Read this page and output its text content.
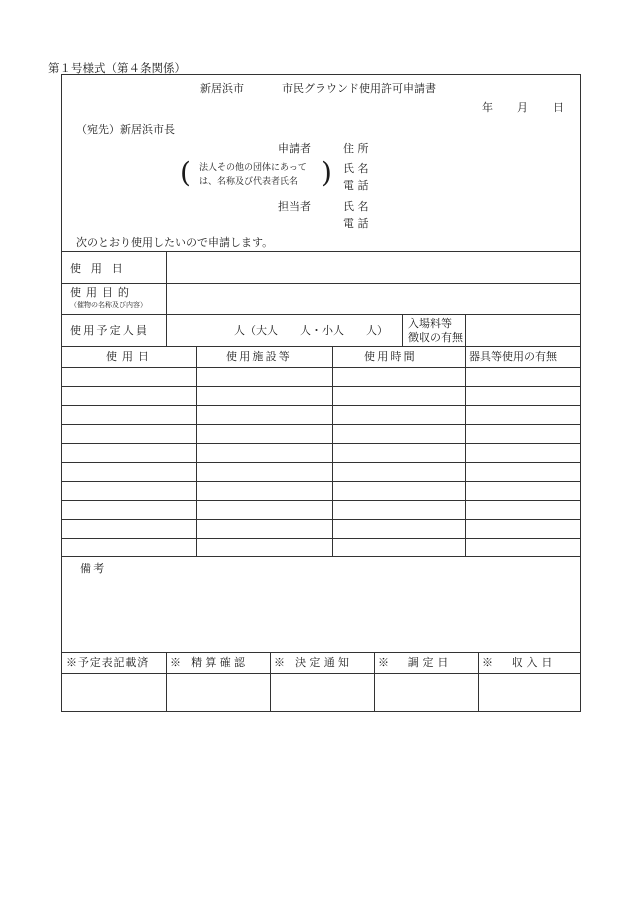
第１号様式（第４条関係）
新居浜市	市民グラウンド使用許可申請書
年 月 日
（宛先）新居浜市長
申請者	住 所
( 法人その他の団体にあって
は、名称及び代表者氏名 ) 氏 名
電 話
担当者	氏 名
電 話
次のとおり使用したいので申請します。
使用日
使用目的
（催物の名称及び内容）
使用予定人員	人（大人　　人・小人　　人）
入場料等
徴収の有無
使用日	使用施設等	使用時間	器具等使用の有無
備考
※予定表記載済 ※ 精算確認 ※ 決定通知 ※　調定日	※　収入日
